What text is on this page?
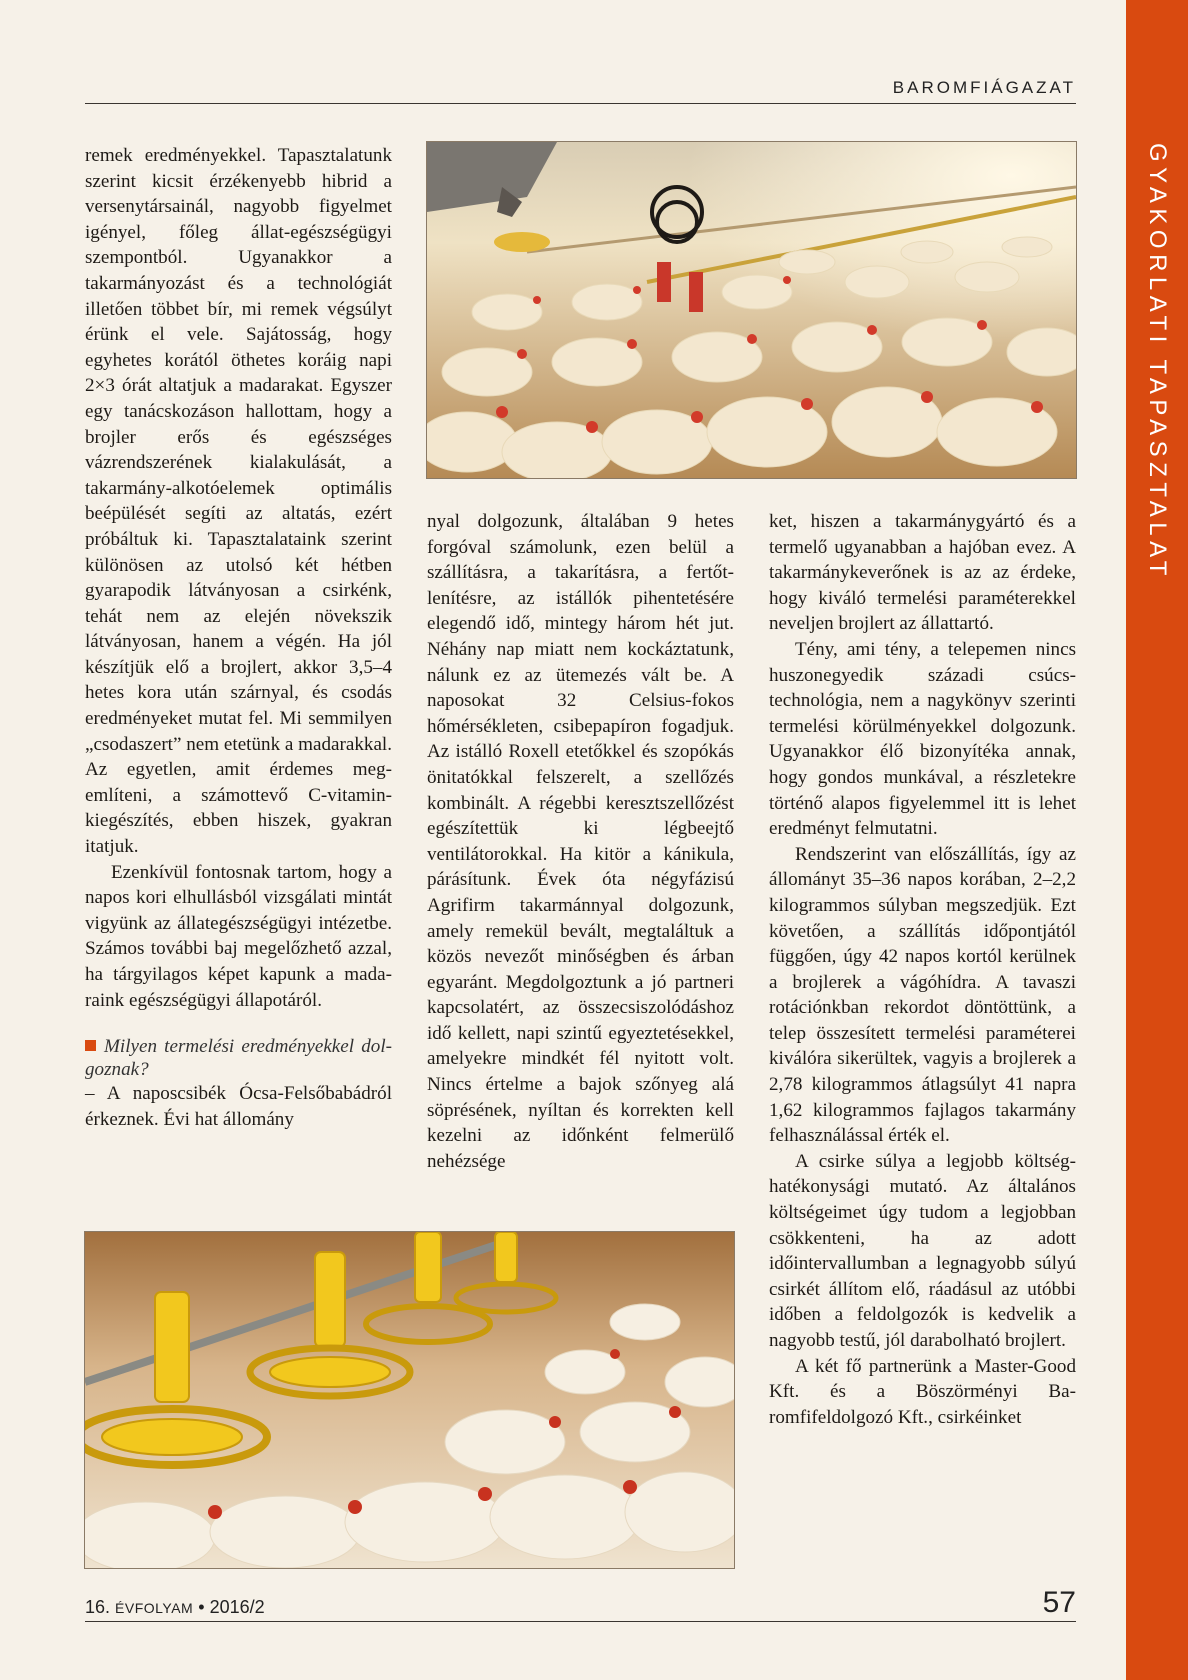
GYAKORLATI TAPASZTALAT
BAROMFIÁGAZAT

remek eredményekkel. Tapasztalatunk szerint kicsit érzékenyebb hibrid a versenytársainál, nagyobb figyelmet igényel, főleg állat-egészségügyi szempontból. Ugyanakkor a takarmányozást és a technológiát illetően többet bír, mi remek végsúlyt érünk el vele. Sajátosság, hogy egyhetes korától öthetes koráig napi 2×3 órát altatjuk a madarakat. Egyszer egy tanácskozáson hallottam, hogy a brojler erős és egészséges vázrendszerének kialakulását, a takarmány-alkotóelemek optimális beépülését segíti az altatás, ezért próbáltuk ki. Tapasztalataink szerint különösen az utolsó két hétben gyarapodik látványosan a csirkénk, tehát nem az elején növekszik látványosan, hanem a végén. Ha jól készítjük elő a brojlert, akkor 3,5–4 hetes kora után szárnyal, és csodás eredményeket mutat fel. Mi semmilyen „csodaszert” nem etetünk a madarakkal. Az egyetlen, amit érdemes megemlíteni, a számottevő C-vitaminkiegészítés, ebben hiszek, gyakran itatjuk.

Ezenkívül fontosnak tartom, hogy a napos kori elhullásból vizsgálati mintát vigyünk az állategészségügyi intézetbe. Számos további baj megelőzhető azzal, ha tárgyilagos képet kapunk a madaraink egészségügyi állapotáról.

Milyen termelési eredményekkel dolgoznak?

– A naposcsibék Ócsa-Felsőbabádról érkeznek. Évi hat állomány

nyal dolgozunk, általában 9 hetes forgóval számolunk, ezen belül a szállításra, a takarításra, a fertőtlenítésre, az istállók pihentetésére elegendő idő, mintegy három hét jut. Néhány nap miatt nem kockáztatunk, nálunk ez az ütemezés vált be. A naposokat 32 Celsius-fokos hőmérsékleten, csibepapíron fogadjuk. Az istálló Roxell etetőkkel és szopókás önitatókkal felszerelt, a szellőzés kombinált. A régebbi keresztszellőzést egészítettük ki légbeejtő ventilátorokkal. Ha kitör a kánikula, párásítunk. Évek óta négyfázisú Agrifirm takarmánnyal dolgozunk, amely remekül bevált, megtaláltuk a közös nevezőt minőségben és árban egyaránt. Megdolgoztunk a jó partneri kapcsolatért, az összecsiszolódáshoz idő kellett, napi szintű egyeztetésekkel, amelyekre mindkét fél nyitott volt. Nincs értelme a bajok szőnyeg alá söprésének, nyíltan és korrekten kell kezelni az időnként felmerülő nehézsége

ket, hiszen a takarmánygyártó és a termelő ugyanabban a hajóban evez. A takarmánykeverőnek is az az érdeke, hogy kiváló termelési paraméterekkel neveljen brojlert az állattartó.

Tény, ami tény, a telepemen nincs huszonegyedik századi csúcstechnológia, nem a nagykönyv szerinti termelési körülményekkel dolgozunk. Ugyanakkor élő bizonyítéka annak, hogy gondos munkával, a részletekre történő alapos figyelemmel itt is lehet eredményt felmutatni.

Rendszerint van előszállítás, így az állományt 35–36 napos korában, 2–2,2 kilogrammos súlyban megszedjük. Ezt követően, a szállítás időpontjától függően, úgy 42 napos kortól kerülnek a brojlerek a vágóhídra. A tavaszi rotációnkban rekordot döntöttünk, a telep összesített termelési paraméterei kiválóra sikerültek, vagyis a brojlerek a 2,78 kilogrammos átlagsúlyt 41 napra 1,62 kilogrammos fajlagos takarmány felhasználással érték el.

A csirke súlya a legjobb költséghatékonysági mutató. Az általános költségeimet úgy tudom a legjobban csökkenteni, ha az adott időintervallumban a legnagyobb súlyú csirkét állítom elő, ráadásul az utóbbi időben a feldolgozók is kedvelik a nagyobb testű, jól darabolható brojlert.

A két fő partnerünk a Master-Good Kft. és a Böszörményi Baromfifeldolgozó Kft., csirkéinket

16. ÉVFOLYAM • 2016/2	57
